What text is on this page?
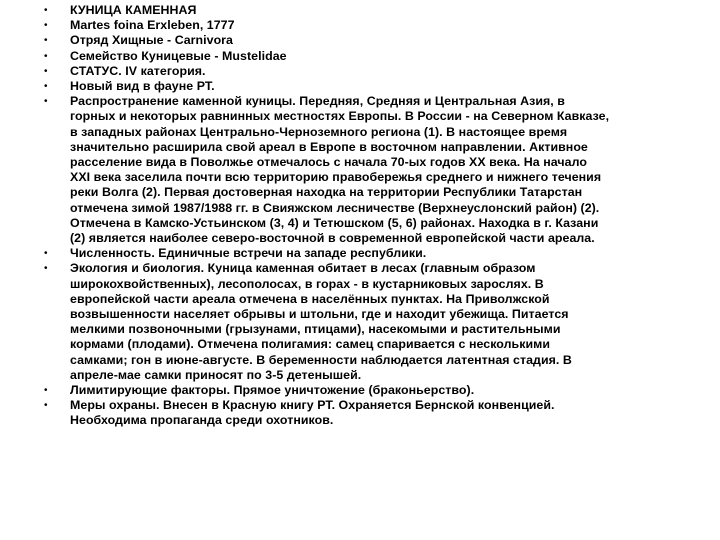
• КУНИЦА КАМЕННАЯ
• Martes foina Erxleben, 1777
• Отряд Хищные - Carnivora
• Семейство Куницевые - Mustelidae
• СТАТУС. IV категория.
• Новый вид в фауне РТ.
• Распространение каменной куницы. Передняя, Средняя и Центральная Азия, в
горных и некоторых равнинных местностях Европы. В России - на Северном Кавказе,
в западных районах Центрально-Черноземного региона (1). В настоящее время
значительно расширила свой ареал в Европе в восточном направлении. Активное
расселение вида в Поволжье отмечалось с начала 70-ых годов XX века. На начало
XXI века заселила почти всю территорию правобережья среднего и нижнего течения
реки Волга (2). Первая достоверная находка на территории Республики Татарстан
отмечена зимой 1987/1988 гг. в Свияжском лесничестве (Верхнеуслонский район) (2).
Отмечена в Камско-Устьинском (3, 4) и Тетюшском (5, 6) районах. Находка в г. Казани
(2) является наиболее северо-восточной в современной европейской части ареала.
• Численность. Единичные встречи на западе республики.
• Экология и биология. Куница каменная обитает в лесах (главным образом
широкохвойственных), лесополосах, в горах - в кустарниковых зарослях. В
европейской части ареала отмечена в населённых пунктах. На Приволжской
возвышенности населяет обрывы и штольни, где и находит убежища. Питается
мелкими позвоночными (грызунами, птицами), насекомыми и растительными
кормами (плодами). Отмечена полигамия: самец спаривается с несколькими
самками; гон в июне-августе. В беременности наблюдается латентная стадия. В
апреле-мае самки приносят по 3-5 детенышей.
• Лимитирующие факторы. Прямое уничтожение (браконьерство).
• Меры охраны. Внесен в Красную книгу РТ. Охраняется Бернской конвенцией.
Необходима пропаганда среди охотников.
